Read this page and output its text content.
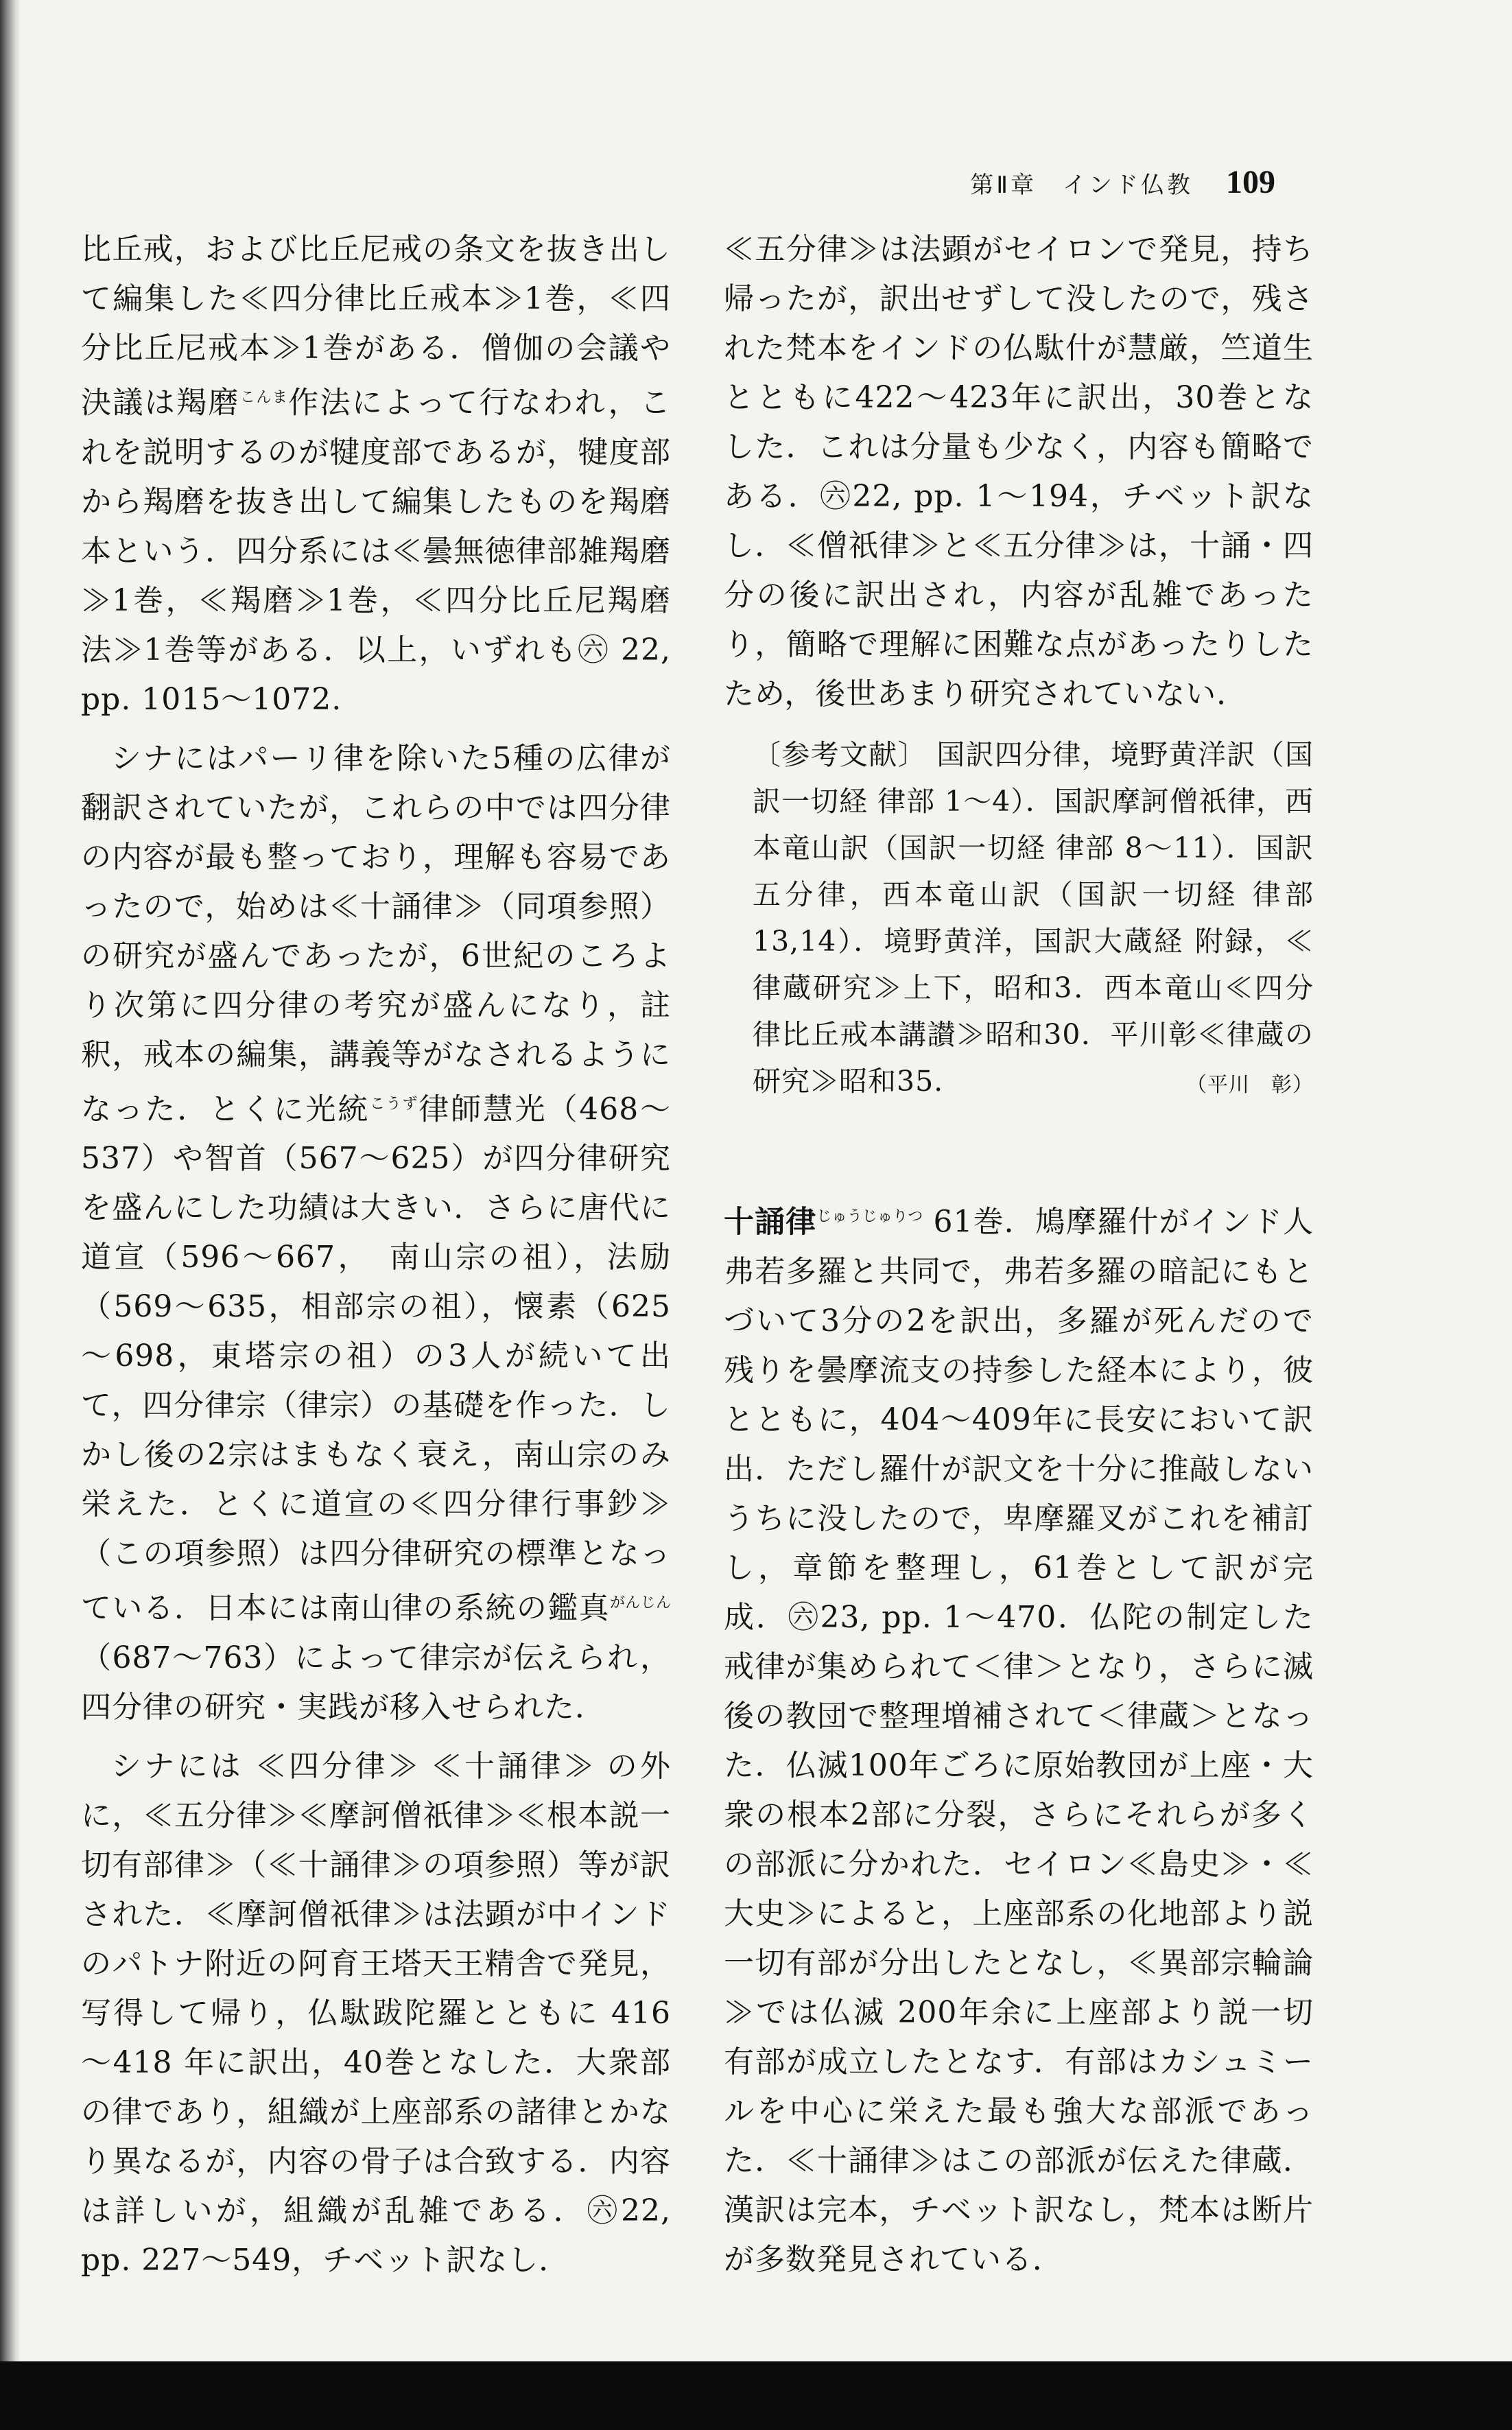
第Ⅱ章　インド仏教 109

比丘戒，および比丘尼戒の条文を抜き出して編集した≪四分律比丘戒本≫1巻，≪四分比丘尼戒本≫1巻がある．僧伽の会議や決議は羯磨$^{こんま}$作法によって行なわれ，これを説明するのが犍度部であるが，犍度部から羯磨を抜き出して編集したものを羯磨本という．四分系には≪曇無徳律部雑羯磨≫1巻，≪羯磨≫1巻，≪四分比丘尼羯磨法≫1巻等がある．以上，いずれも㊅ 22, pp. 1015～1072.

シナにはパーリ律を除いた5種の広律が翻訳されていたが，これらの中では四分律の内容が最も整っており，理解も容易であったので，始めは≪十誦律≫（同項参照）の研究が盛んであったが，6世紀のころより次第に四分律の考究が盛んになり，註釈，戒本の編集，講義等がなされるようになった．とくに光統$^{こうず}$律師慧光（468～537）や智首（567～625）が四分律研究を盛んにした功績は大きい．さらに唐代に道宣（596～667，　南山宗の祖），法励（569～635，相部宗の祖），懐素（625～698，東塔宗の祖）の3人が続いて出て，四分律宗（律宗）の基礎を作った．しかし後の2宗はまもなく衰え，南山宗のみ栄えた．とくに道宣の≪四分律行事鈔≫（この項参照）は四分律研究の標準となっている．日本には南山律の系統の鑑真$^{がんじん}$（687～763）によって律宗が伝えられ，四分律の研究・実践が移入せられた．

シナには ≪四分律≫ ≪十誦律≫ の外に，≪五分律≫≪摩訶僧祇律≫≪根本説一切有部律≫（≪十誦律≫の項参照）等が訳された．≪摩訶僧祇律≫は法顕が中インドのパトナ附近の阿育王塔天王精舎で発見，写得して帰り，仏駄跋陀羅とともに 416～418 年に訳出，40巻となした．大衆部の律であり，組織が上座部系の諸律とかなり異なるが，内容の骨子は合致する．内容は詳しいが，組織が乱雑である．㊅22, pp. 227～549，チベット訳なし．

≪五分律≫は法顕がセイロンで発見，持ち帰ったが，訳出せずして没したので，残された梵本をインドの仏駄什が慧厳，竺道生とともに422～423年に訳出，30巻となした．これは分量も少なく，内容も簡略である．㊅22, pp. 1～194，チベット訳なし．≪僧祇律≫と≪五分律≫は，十誦・四分の後に訳出され，内容が乱雑であったり，簡略で理解に困難な点があったりしたため，後世あまり研究されていない．

〔参考文献〕 国訳四分律，境野黄洋訳（国訳一切経 律部 1～4）．国訳摩訶僧祇律，西本竜山訳（国訳一切経 律部 8～11）．国訳五分律，西本竜山訳（国訳一切経 律部 13,14）．境野黄洋，国訳大蔵経 附録，≪律蔵研究≫上下，昭和3．西本竜山≪四分律比丘戒本講讃≫昭和30．平川彰≪律蔵の研究≫昭和35.	（平川　彰）

十誦律$^{じゅうじゅりつ}$ 61巻．鳩摩羅什がインド人弗若多羅と共同で，弗若多羅の暗記にもとづいて3分の2を訳出，多羅が死んだので残りを曇摩流支の持参した経本により，彼とともに，404～409年に長安において訳出．ただし羅什が訳文を十分に推敲しないうちに没したので，卑摩羅叉がこれを補訂し，章節を整理し，61巻として訳が完成．㊅23, pp. 1～470．仏陀の制定した戒律が集められて＜律＞となり，さらに滅後の教団で整理増補されて＜律蔵＞となった．仏滅100年ごろに原始教団が上座・大衆の根本2部に分裂，さらにそれらが多くの部派に分かれた．セイロン≪島史≫・≪大史≫によると，上座部系の化地部より説一切有部が分出したとなし，≪異部宗輪論≫では仏滅 200年余に上座部より説一切有部が成立したとなす．有部はカシュミールを中心に栄えた最も強大な部派であった．≪十誦律≫はこの部派が伝えた律蔵．漢訳は完本，チベット訳なし，梵本は断片が多数発見されている．
